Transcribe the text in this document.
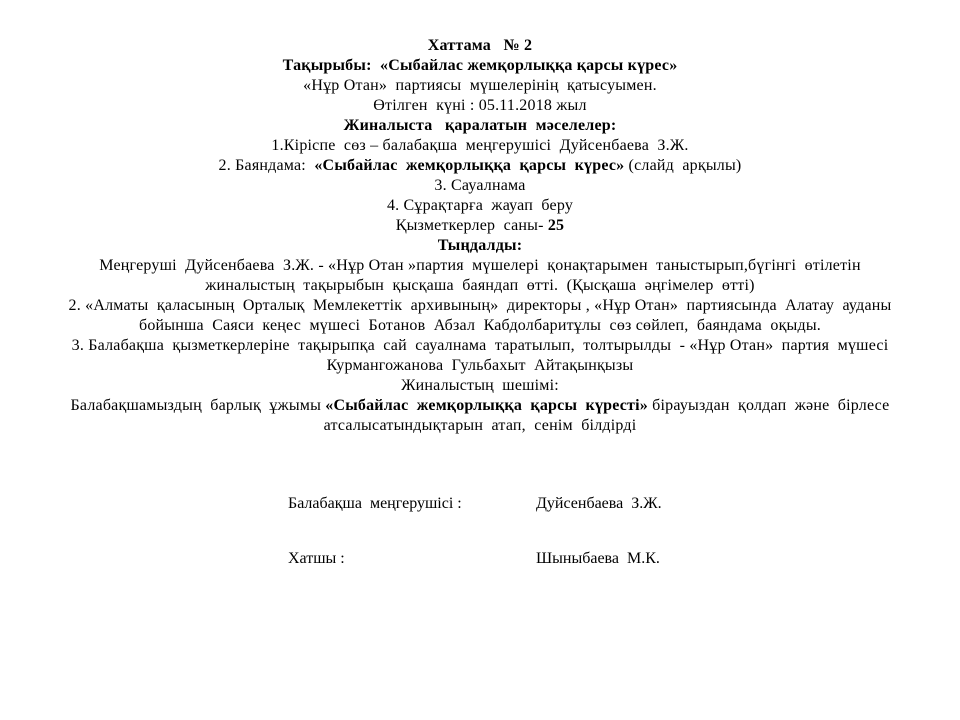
Хаттама   № 2

Тақырыбы:  «Сыбайлас жемқорлыққа қарсы күрес»

«Нұр Отан»  партиясы  мүшелерінің  қатысуымен.

Өтілген  күні : 05.11.2018 жыл

Жиналыста   қаралатын  мәселелер:

1.Кіріспе  сөз – балабақша  меңгерушісі  Дуйсенбаева  З.Ж.

2. Баяндама:  «Сыбайлас  жемқорлыққа  қарсы  күрес» (слайд  арқылы)

3. Сауалнама

4. Сұрақтарға  жауап  беру

Қызметкерлер  саны- 25

Тыңдалды:

Меңгеруші  Дуйсенбаева  З.Ж. - «Нұр Отан »партия  мүшелері  қонақтарымен  таныстырып,бүгінгі  өтілетін

жиналыстың  тақырыбын  қысқаша  баяндап  өтті.  (Қысқаша  әңгімелер  өтті)

2. «Алматы  қаласының  Орталық  Мемлекеттік  архивының»  директоры , «Нұр Отан»  партиясында  Алатау  ауданы

бойынша  Саяси  кеңес  мүшесі  Ботанов  Абзал  Кабдолбаритұлы  сөз сөйлеп,  баяндама  оқыды.

3. Балабақша  қызметкерлеріне  тақырыпқа  сай  сауалнама  таратылып,  толтырылды  - «Нұр Отан»  партия  мүшесі

Курмангожанова  Гульбахыт  Айтақынқызы

Жиналыстың  шешімі:

Балабақшамыздың  барлық  ұжымы «Сыбайлас  жемқорлыққа  қарсы  күресті» бірауыздан  қолдап  және  бірлесе

атсалысатындықтарын  атап,  сенім  білдірді

Балабақша  меңгерушісі :	Дуйсенбаева  З.Ж.
Хатшы :	Шыныбаева  М.К.
